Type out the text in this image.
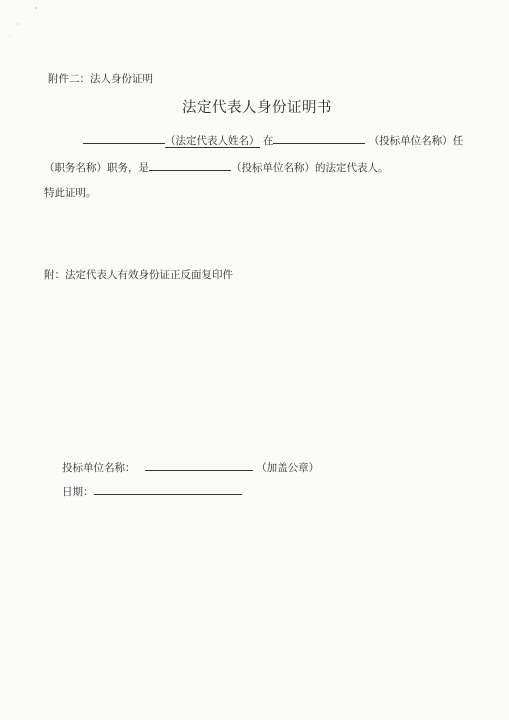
附件二：法人身份证明
法定代表人身份证明书
（法定代表人姓名） 在	（投标单位名称）任
（职务名称）职务，是	（投标单位名称）的法定代表人。
特此证明。
附：法定代表人有效身份证正反面复印件
投标单位名称：	（加盖公章）
日期：
